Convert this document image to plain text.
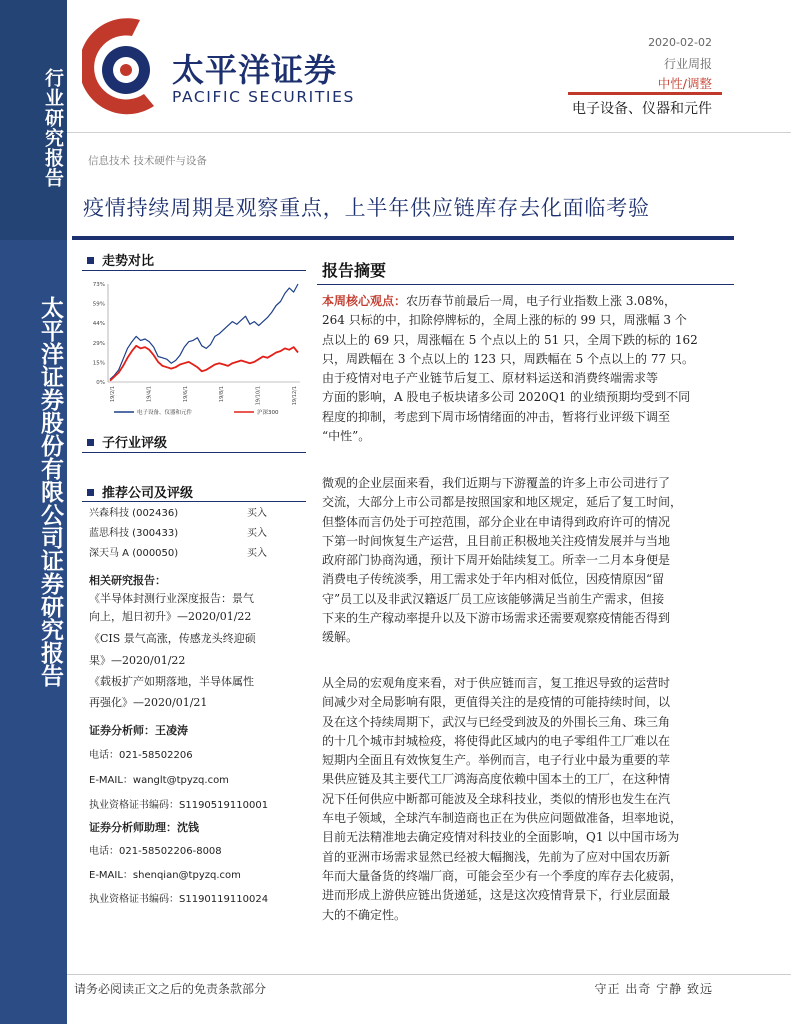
行业研究报告
太平洋证券股份有限公司证券研究报告
太平洋证券
PACIFIC SECURITIES
2020-02-02
行业周报
中性/调整
电子设备、仪器和元件
信息技术 技术硬件与设备
疫情持续周期是观察重点，上半年供应链库存去化面临考验
走势对比
73%
59%
44%
29%
15%
0%
19/2/1	19/4/1	19/6/1	19/8/1	19/10/1	19/12/1
电子设备、仪器和元件	沪深300
子行业评级
推荐公司及评级
兴森科技 (002436)	买入
蓝思科技 (300433)	买入
深天马 A (000050)	买入
相关研究报告：
《半导体封测行业深度报告：景气
向上，旭日初升》—2020/01/22
《CIS 景气高涨，传感龙头终迎硕
果》—2020/01/22
《载板扩产如期落地，半导体属性
再强化》—2020/01/21
证券分析师：王凌涛
电话：021-58502206
E-MAIL：wanglt@tpyzq.com
执业资格证书编码：S1190519110001
证券分析师助理：沈钱
电话：021-58502206-8008
E-MAIL：shenqian@tpyzq.com
执业资格证书编码：S1190119110024
报告摘要
本周核心观点：农历春节前最后一周，电子行业指数上涨 3.08%，
264 只标的中，扣除停牌标的，全周上涨的标的 99 只，周涨幅 3 个
点以上的 69 只，周涨幅在 5 个点以上的 51 只，全周下跌的标的 162
只，周跌幅在 3 个点以上的 123 只，周跌幅在 5 个点以上的 77 只。
由于疫情对电子产业链节后复工、原材料运送和消费终端需求等
方面的影响，A 股电子板块诸多公司 2020Q1 的业绩预期均受到不同
程度的抑制，考虑到下周市场情绪面的冲击，暂将行业评级下调至
“中性”。
微观的企业层面来看，我们近期与下游覆盖的许多上市公司进行了
交流，大部分上市公司都是按照国家和地区规定，延后了复工时间，
但整体而言仍处于可控范围，部分企业在申请得到政府许可的情况
下第一时间恢复生产运营，且目前正积极地关注疫情发展并与当地
政府部门协商沟通，预计下周开始陆续复工。所幸一二月本身便是
消费电子传统淡季，用工需求处于年内相对低位，因疫情原因“留
守”员工以及非武汉籍返厂员工应该能够满足当前生产需求，但接
下来的生产稼动率提升以及下游市场需求还需要观察疫情能否得到
缓解。
从全局的宏观角度来看，对于供应链而言，复工推迟导致的运营时
间减少对全局影响有限，更值得关注的是疫情的可能持续时间，以
及在这个持续周期下，武汉与已经受到波及的外围长三角、珠三角
的十几个城市封城检疫，将使得此区域内的电子零组件工厂难以在
短期内全面且有效恢复生产。举例而言，电子行业中最为重要的苹
果供应链及其主要代工厂鸿海高度依赖中国本土的工厂，在这种情
况下任何供应中断都可能波及全球科技业，类似的情形也发生在汽
车电子领域，全球汽车制造商也正在为供应问题做准备，坦率地说，
目前无法精准地去确定疫情对科技业的全面影响，Q1 以中国市场为
首的亚洲市场需求显然已经被大幅搁浅，先前为了应对中国农历新
年而大量备货的终端厂商，可能会至少有一个季度的库存去化疲弱，
进而形成上游供应链出货递延，这是这次疫情背景下，行业层面最
大的不确定性。
请务必阅读正文之后的免责条款部分	守正 出奇 宁静 致远
